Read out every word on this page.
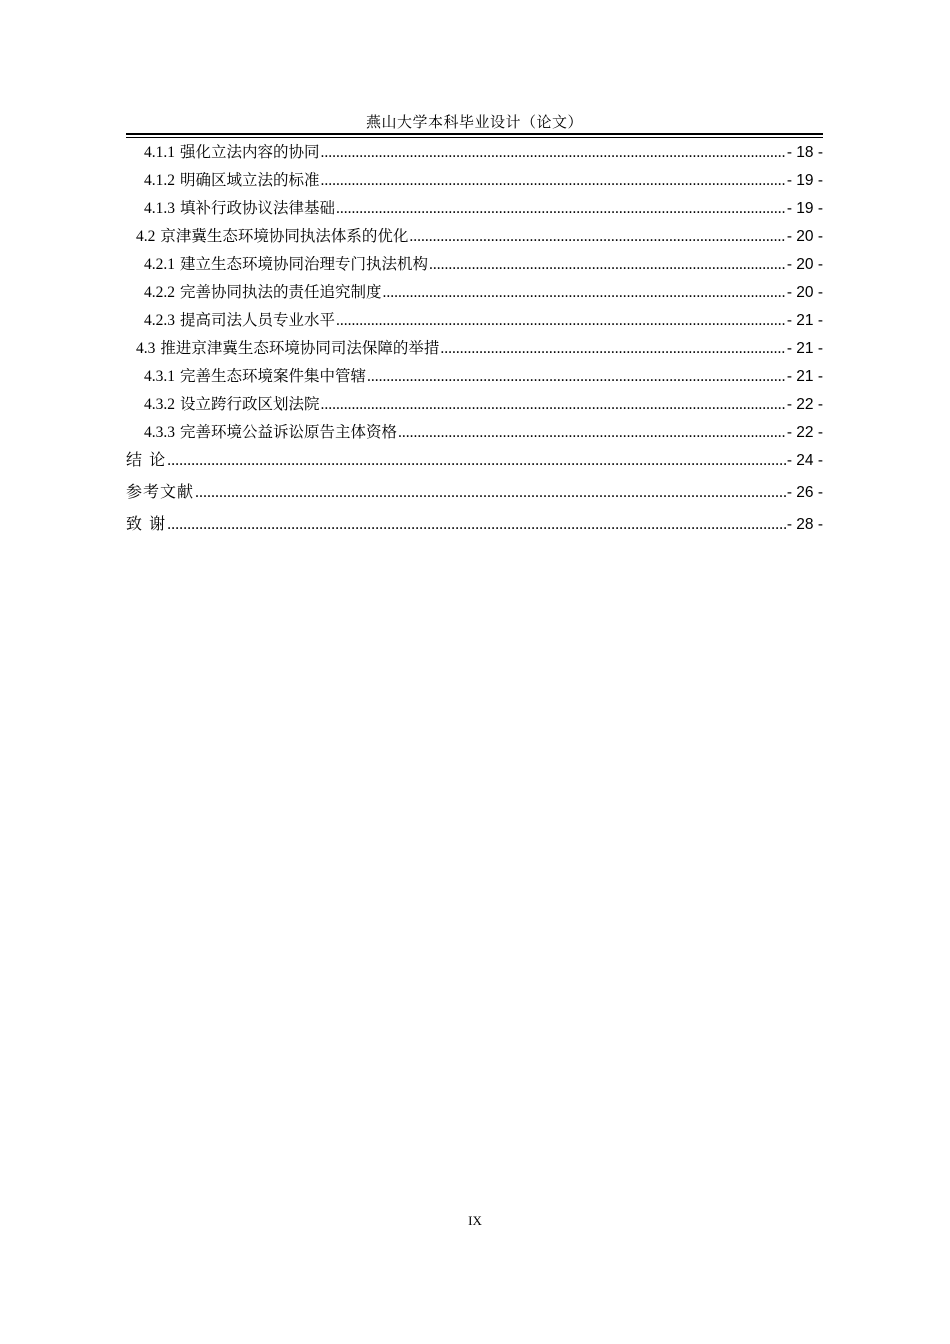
燕山大学本科毕业设计（论文）
4.1.1 强化立法内容的协同 .....	- 18 -
4.1.2 明确区域立法的标准 .....	- 19 -
4.1.3 填补行政协议法律基础 .....	- 19 -
4.2 京津冀生态环境协同执法体系的优化 .....	- 20 -
4.2.1 建立生态环境协同治理专门执法机构 .....	- 20 -
4.2.2 完善协同执法的责任追究制度 .....	- 20 -
4.2.3 提高司法人员专业水平 .....	- 21 -
4.3 推进京津冀生态环境协同司法保障的举措 .....	- 21 -
4.3.1 完善生态环境案件集中管辖 .....	- 21 -
4.3.2 设立跨行政区划法院 .....	- 22 -
4.3.3 完善环境公益诉讼原告主体资格 .....	- 22 -
结 论 .....	- 24 -
参考文献 .....	- 26 -
致 谢 .....	- 28 -
IX
